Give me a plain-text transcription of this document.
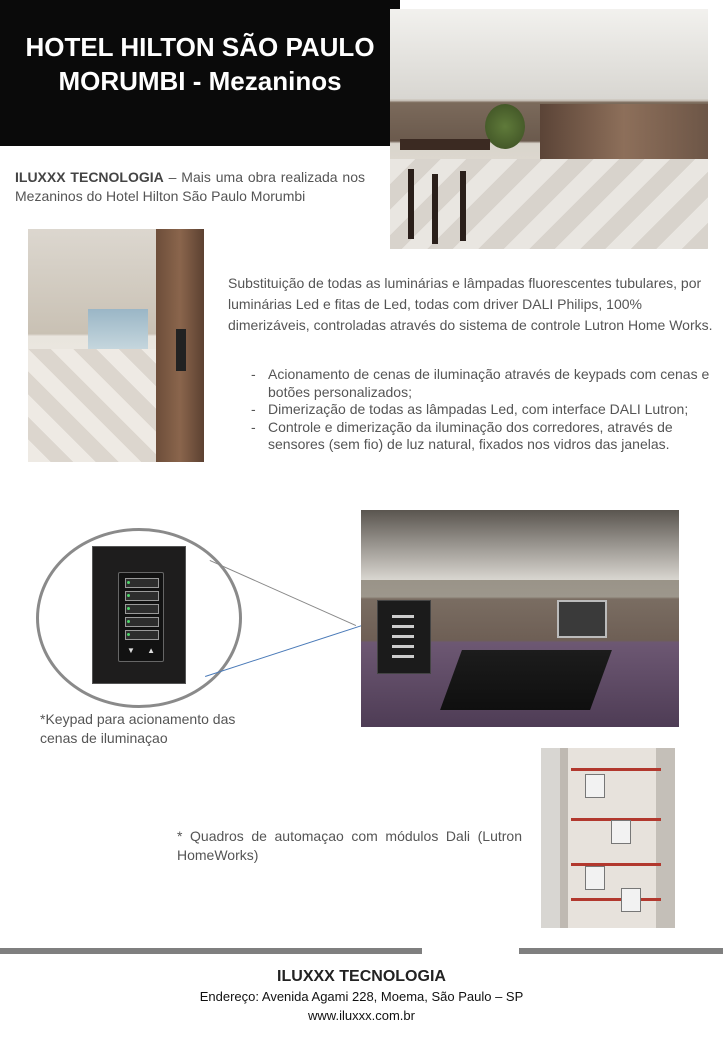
HOTEL HILTON SÃO PAULO
MORUMBI - Mezaninos
ILUXXX TECNOLOGIA – Mais uma obra realizada nos Mezaninos do Hotel Hilton São Paulo Morumbi
Substituição de todas as luminárias e lâmpadas fluorescentes tubulares, por luminárias Led e fitas de Led, todas com driver DALI Philips, 100% dimerizáveis, controladas através do sistema de controle Lutron Home Works.
- Acionamento de cenas de iluminação através de keypads com cenas e botões personalizados;
- Dimerização de todas as lâmpadas Led, com interface DALI Lutron;
- Controle e dimerização da iluminação dos corredores, através de sensores (sem fio) de luz natural, fixados nos vidros das janelas.
▼ ▲
*Keypad para acionamento das cenas de iluminaçao
* Quadros de automaçao com módulos Dali (Lutron HomeWorks)
ILUXXX TECNOLOGIA
Endereço: Avenida Agami 228, Moema, São Paulo – SP
www.iluxxx.com.br
